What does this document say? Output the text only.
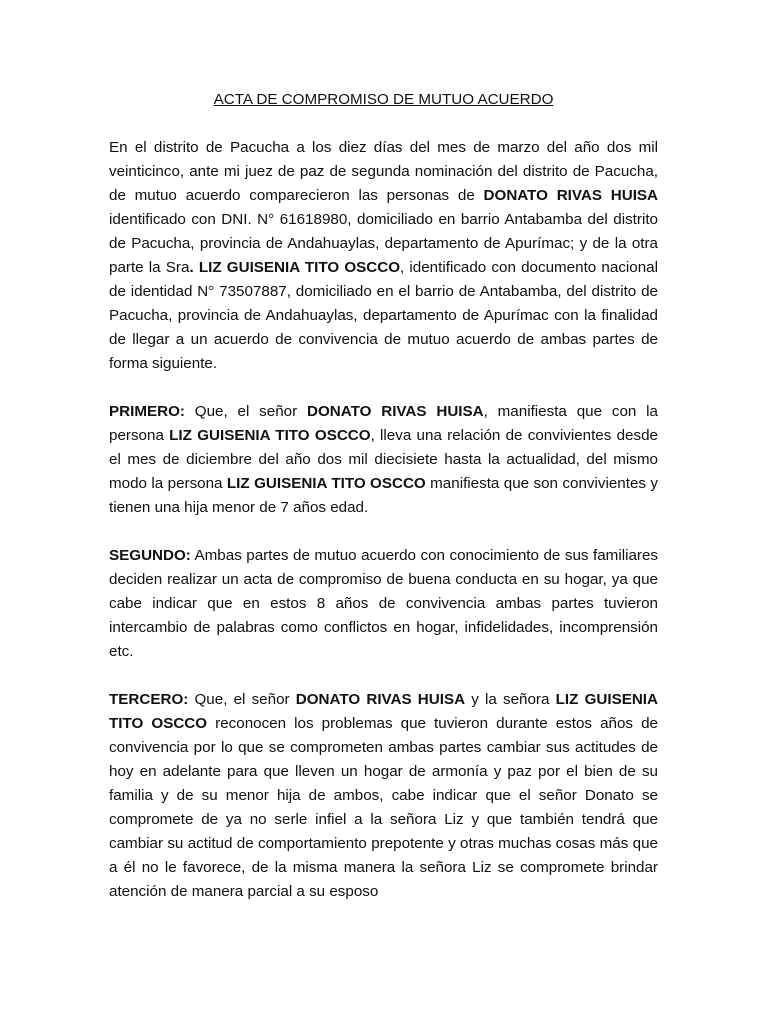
ACTA DE COMPROMISO DE MUTUO ACUERDO

En el distrito de Pacucha a los diez días del mes de marzo del año dos mil veinticinco, ante mi juez de paz de segunda nominación del distrito de Pacucha, de mutuo acuerdo comparecieron las personas de DONATO RIVAS HUISA identificado con DNI. N° 61618980, domiciliado en barrio Antabamba del distrito de Pacucha, provincia de Andahuaylas, departamento de Apurímac; y de la otra parte la Sra. LIZ GUISENIA TITO OSCCO, identificado con documento nacional de identidad N° 73507887, domiciliado en el barrio de Antabamba, del distrito de Pacucha, provincia de Andahuaylas, departamento de Apurímac con la finalidad de llegar a un acuerdo de convivencia de mutuo acuerdo de ambas partes de forma siguiente.

PRIMERO: Que, el señor DONATO RIVAS HUISA, manifiesta que con la persona LIZ GUISENIA TITO OSCCO, lleva una relación de convivientes desde el mes de diciembre del año dos mil diecisiete hasta la actualidad, del mismo modo la persona LIZ GUISENIA TITO OSCCO manifiesta que son convivientes y tienen una hija menor de 7 años edad.

SEGUNDO: Ambas partes de mutuo acuerdo con conocimiento de sus familiares deciden realizar un acta de compromiso de buena conducta en su hogar, ya que cabe indicar que en estos 8 años de convivencia ambas partes tuvieron intercambio de palabras como conflictos en hogar, infidelidades, incomprensión etc.

TERCERO: Que, el señor DONATO RIVAS HUISA y la señora LIZ GUISENIA TITO OSCCO reconocen los problemas que tuvieron durante estos años de convivencia por lo que se comprometen ambas partes cambiar sus actitudes de hoy en adelante para que lleven un hogar de armonía y paz por el bien de su familia y de su menor hija de ambos, cabe indicar que el señor Donato se compromete de ya no serle infiel a la señora Liz y que también tendrá que cambiar su actitud de comportamiento prepotente y otras muchas cosas más que a él no le favorece, de la misma manera la señora Liz se compromete brindar atención de manera parcial a su esposo
